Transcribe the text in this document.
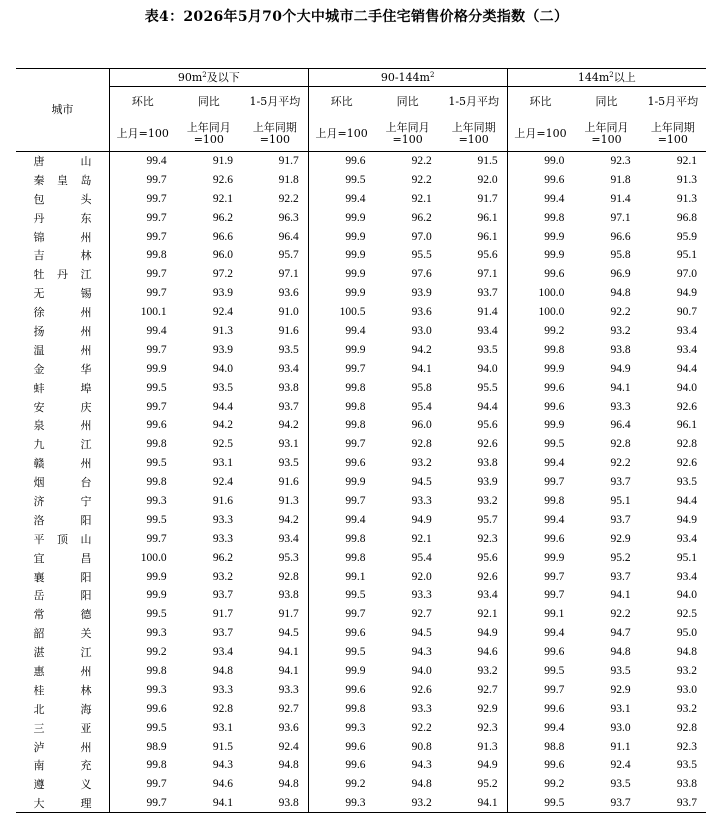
表4：2026年5月70个大中城市二手住宅销售价格分类指数（二）
城市	$90m^2$及以下			$90-144m^2$			$144m^2$以上		
	环比	同比	1-5月平均	环比	同比	1-5月平均	环比	同比	1-5月平均
	上月=100	上年同月=100	上年同期=100	上月=100	上年同月=100	上年同期=100	上月=100	上年同月=100	上年同期=100

唐 山	99.4	91.9	91.7	99.6	92.2	91.5	99.0	92.3	92.1

秦 皇 岛	99.7	92.6	91.8	99.5	92.2	92.0	99.6	91.8	91.3

包 头	99.7	92.1	92.2	99.4	92.1	91.7	99.4	91.4	91.3

丹 东	99.7	96.2	96.3	99.9	96.2	96.1	99.8	97.1	96.8

锦 州	99.7	96.6	96.4	99.9	97.0	96.1	99.9	96.6	95.9

吉 林	99.8	96.0	95.7	99.9	95.5	95.6	99.9	95.8	95.1

牡 丹 江	99.7	97.2	97.1	99.9	97.6	97.1	99.6	96.9	97.0

无 锡	99.7	93.9	93.6	99.9	93.9	93.7	100.0	94.8	94.9

徐 州	100.1	92.4	91.0	100.5	93.6	91.4	100.0	92.2	90.7

扬 州	99.4	91.3	91.6	99.4	93.0	93.4	99.2	93.2	93.4

温 州	99.7	93.9	93.5	99.9	94.2	93.5	99.8	93.8	93.4

金 华	99.9	94.0	93.4	99.7	94.1	94.0	99.9	94.9	94.4

蚌 埠	99.5	93.5	93.8	99.8	95.8	95.5	99.6	94.1	94.0

安 庆	99.7	94.4	93.7	99.8	95.4	94.4	99.6	93.3	92.6

泉 州	99.6	94.2	94.2	99.8	96.0	95.6	99.9	96.4	96.1

九 江	99.8	92.5	93.1	99.7	92.8	92.6	99.5	92.8	92.8

赣 州	99.5	93.1	93.5	99.6	93.2	93.8	99.4	92.2	92.6

烟 台	99.8	92.4	91.6	99.9	94.5	93.9	99.7	93.7	93.5

济 宁	99.3	91.6	91.3	99.7	93.3	93.2	99.8	95.1	94.4

洛 阳	99.5	93.3	94.2	99.4	94.9	95.7	99.4	93.7	94.9

平 顶 山	99.7	93.3	93.4	99.8	92.1	92.3	99.6	92.9	93.4

宜 昌	100.0	96.2	95.3	99.8	95.4	95.6	99.9	95.2	95.1

襄 阳	99.9	93.2	92.8	99.1	92.0	92.6	99.7	93.7	93.4

岳 阳	99.9	93.7	93.8	99.5	93.3	93.4	99.7	94.1	94.0

常 德	99.5	91.7	91.7	99.7	92.7	92.1	99.1	92.2	92.5

韶 关	99.3	93.7	94.5	99.6	94.5	94.9	99.4	94.7	95.0

湛 江	99.2	93.4	94.1	99.5	94.3	94.6	99.6	94.8	94.8

惠 州	99.8	94.8	94.1	99.9	94.0	93.2	99.5	93.5	93.2

桂 林	99.3	93.3	93.3	99.6	92.6	92.7	99.7	92.9	93.0

北 海	99.6	92.8	92.7	99.8	93.3	92.9	99.6	93.1	93.2

三 亚	99.5	93.1	93.6	99.3	92.2	92.3	99.4	93.0	92.8

泸 州	98.9	91.5	92.4	99.6	90.8	91.3	98.8	91.1	92.3

南 充	99.8	94.3	94.8	99.6	94.3	94.9	99.6	92.4	93.5

遵 义	99.7	94.6	94.8	99.2	94.8	95.2	99.2	93.5	93.8

大 理	99.7	94.1	93.8	99.3	93.2	94.1	99.5	93.7	93.7
